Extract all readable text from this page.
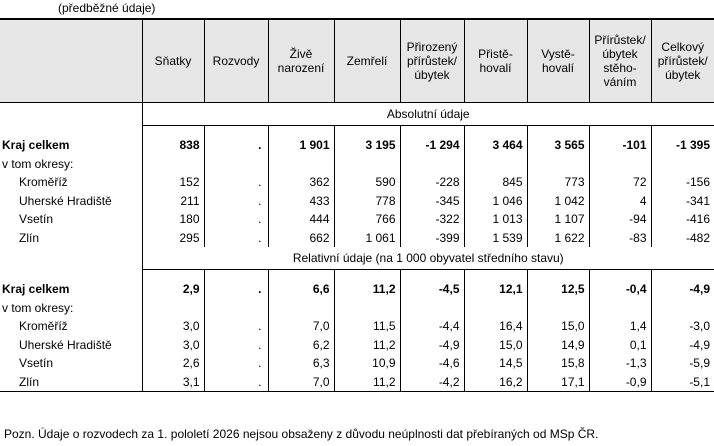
(předběžné údaje)
	Sňatky	Rozvody	Živě narození	Zemřelí	Přirozený přírůstek/ úbytek	Přistě- hovalí	Vystě- hovalí	Přírůstek/ úbytek stěho- váním	Celkový přírůstek/ úbytek
	Absolutní údaje								

Kraj celkem	838	.	1 901	3 195	-1 294	3 464	3 565	-101	-1 395
v tom okresy:									
Kroměříž	152	.	362	590	-228	845	773	72	-156
Uherské Hradiště	211	.	433	778	-345	1 046	1 042	4	-341
Vsetín	180	.	444	766	-322	1 013	1 107	-94	-416
Zlín	295	.	662	1 061	-399	1 539	1 622	-83	-482
	Relativní údaje (na 1 000 obyvatel středního stavu)								

Kraj celkem	2,9	.	6,6	11,2	-4,5	12,1	12,5	-0,4	-4,9
v tom okresy:									
Kroměříž	3,0	.	7,0	11,5	-4,4	16,4	15,0	1,4	-3,0
Uherské Hradiště	3,0	.	6,2	11,2	-4,9	15,0	14,9	0,1	-4,9
Vsetín	2,6	.	6,3	10,9	-4,6	14,5	15,8	-1,3	-5,9
Zlín	3,1	.	7,0	11,2	-4,2	16,2	17,1	-0,9	-5,1
Pozn. Údaje o rozvodech za 1. pololetí 2026 nejsou obsaženy z důvodu neúplnosti dat přebíraných od MSp ČR.
